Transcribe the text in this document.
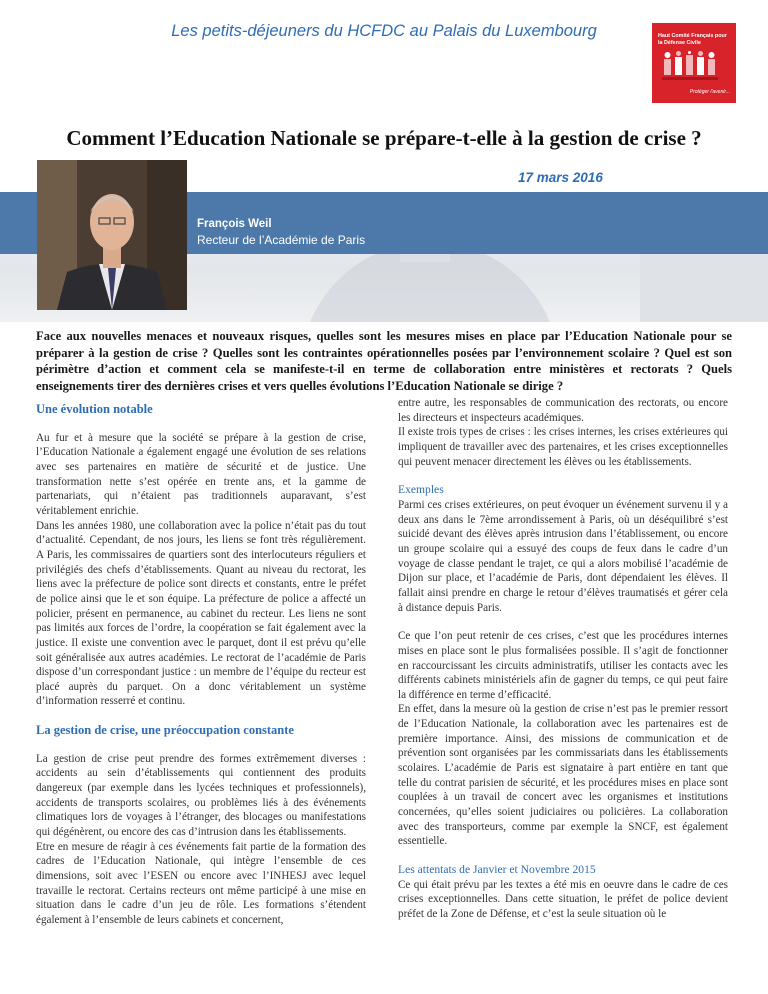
Les petits-déjeuners du HCFDC au Palais du Luxembourg	Haut Comité Français pour la Défense Civile
Protéger l'avenir...
Comment l’Education Nationale se prépare-t-elle à la gestion de crise ?
17 mars 2016
François Weil
Recteur de l’Académie de Paris

Face aux nouvelles menaces et nouveaux risques, quelles sont les mesures mises en place par l’Education Nationale pour se préparer à la gestion de crise ? Quelles sont les contraintes opérationnelles posées par l’environnement scolaire ? Quel est son périmètre d’action et comment cela se manifeste-t-il en terme de collaboration entre ministères et rectorats ? Quels enseignements tirer des dernières crises et vers quelles évolutions l’Education Nationale se dirige ?

Une évolution notable

Au fur et à mesure que la société se prépare à la gestion de crise, l’Education Nationale a également engagé une évolution de ses relations avec ses partenaires en matière de sécurité et de justice. Une transformation nette s’est opérée en trente ans, et la gamme de partenariats, qui n’étaient pas traditionnels auparavant, s’est véritablement enrichie.

Dans les années 1980, une collaboration avec la police n’était pas du tout d’actualité. Cependant, de nos jours, les liens se font très régulièrement. A Paris, les commissaires de quartiers sont des interlocuteurs réguliers et privilégiés des chefs d’établissements. Quant au niveau du rectorat, les liens avec la préfecture de police sont directs et constants, entre le préfet de police ainsi que le et son équipe. La préfecture de police a affecté un policier, présent en permanence, au cabinet du recteur. Les liens ne sont pas limités aux forces de l’ordre, la coopération se fait également avec la justice. Il existe une convention avec le parquet, dont il est prévu qu’elle soit généralisée aux autres académies. Le rectorat de l’académie de Paris dispose d’un correspondant justice : un membre de l’équipe du recteur est placé auprès du parquet. On a donc véritablement un système d’information resserré et continu.

La gestion de crise, une préoccupation constante

La gestion de crise peut prendre des formes extrêmement diverses : accidents au sein d’établissements qui contiennent des produits dangereux (par exemple dans les lycées techniques et professionnels), accidents de transports scolaires, ou problèmes liés à des événements climatiques lors de voyages à l’étranger, des blocages ou manifestations qui dégénèrent, ou encore des cas d’intrusion dans les établissements.

Etre en mesure de réagir à ces événements fait partie de la formation des cadres de l’Education Nationale, qui intègre l’ensemble de ces dimensions, soit avec l’ESEN ou encore avec l’INHESJ avec lequel travaille le rectorat. Certains recteurs ont même participé à une mise en situation dans le cadre d’un jeu de rôle. Les formations s’étendent également à l’ensemble de leurs cabinets et concernent,

entre autre, les responsables de communication des rectorats, ou encore les directeurs et inspecteurs académiques.

Il existe trois types de crises : les crises internes, les crises extérieures qui impliquent de travailler avec des partenaires, et les crises exceptionnelles qui peuvent menacer directement les élèves ou les établissements.

Exemples

Parmi ces crises extérieures, on peut évoquer un événement survenu il y a deux ans dans le 7ème arrondissement à Paris, où un déséquilibré s’est suicidé devant des élèves après intrusion dans l’établissement, ou encore un groupe scolaire qui a essuyé des coups de feux dans le cadre d’un voyage de classe pendant le trajet, ce qui a alors mobilisé l’académie de Dijon sur place, et l’académie de Paris, dont dépendaient les élèves. Il fallait ainsi prendre en charge le retour d’élèves traumatisés et gérer cela à distance depuis Paris.

Ce que l’on peut retenir de ces crises, c’est que les procédures internes mises en place sont le plus formalisées possible. Il s’agit de fonctionner en raccourcissant les circuits administratifs, utiliser les contacts avec les différents cabinets ministériels afin de gagner du temps, ce qui peut faire la différence en terme d’efficacité.

En effet, dans la mesure où la gestion de crise n’est pas le premier ressort de l’Education Nationale, la collaboration avec les partenaires est de première importance. Ainsi, des missions de communication et de prévention sont organisées par les commissariats dans les établissements scolaires. L’académie de Paris est signataire à part entière en tant que telle du contrat parisien de sécurité, et les procédures mises en place sont couplées à un travail de concert avec les organismes et institutions concernées, qu’elles soient judiciaires ou policières. La collaboration avec des transporteurs, comme par exemple la SNCF, est également essentielle.

Les attentats de Janvier et Novembre 2015

Ce qui était prévu par les textes a été mis en oeuvre dans le cadre de ces crises exceptionnelles. Dans cette situation, le préfet de police devient préfet de la Zone de Défense, et c’est la seule situation où le
